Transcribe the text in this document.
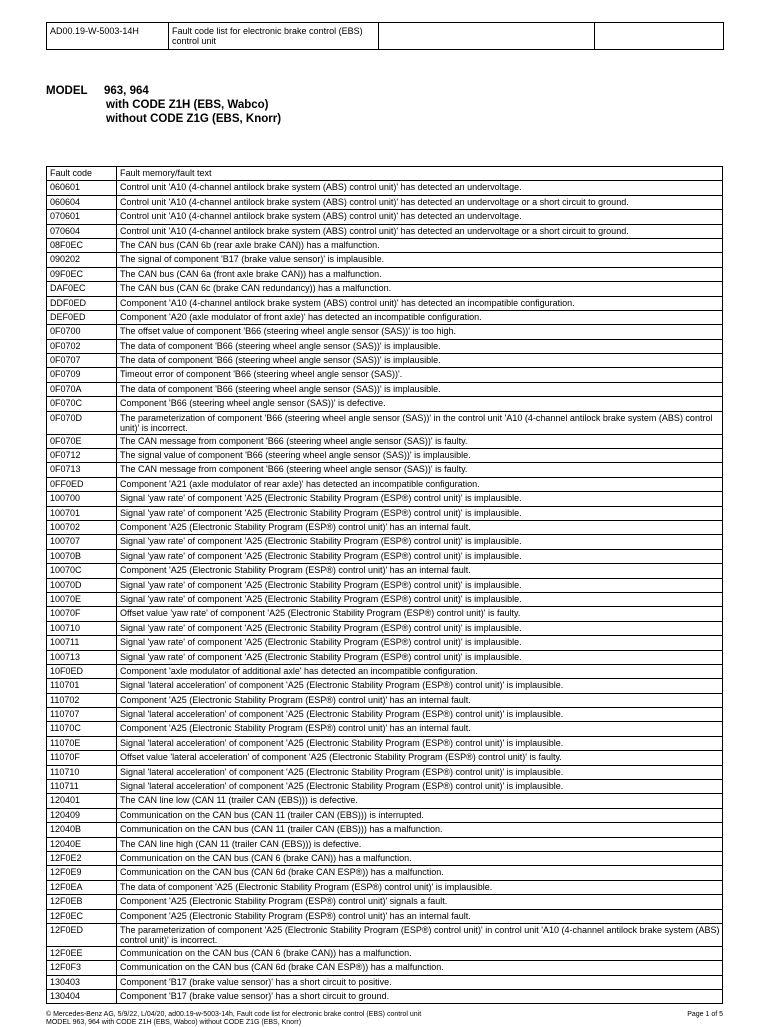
AD00.19-W-5003-14H	Fault code list for electronic brake control (EBS) control unit		
MODEL 963, 964
with CODE Z1H (EBS, Wabco)
without CODE Z1G (EBS, Knorr)
Fault code	Fault memory/fault text
060601	Control unit 'A10 (4-channel antilock brake system (ABS) control unit)' has detected an undervoltage.
060604	Control unit 'A10 (4-channel antilock brake system (ABS) control unit)' has detected an undervoltage or a short circuit to ground.
070601	Control unit 'A10 (4-channel antilock brake system (ABS) control unit)' has detected an undervoltage.
070604	Control unit 'A10 (4-channel antilock brake system (ABS) control unit)' has detected an undervoltage or a short circuit to ground.
08F0EC	The CAN bus (CAN 6b (rear axle brake CAN)) has a malfunction.
090202	The signal of component 'B17 (brake value sensor)' is implausible.
09F0EC	The CAN bus (CAN 6a (front axle brake CAN)) has a malfunction.
DAF0EC	The CAN bus (CAN 6c (brake CAN redundancy)) has a malfunction.
DDF0ED	Component 'A10 (4-channel antilock brake system (ABS) control unit)' has detected an incompatible configuration.
DEF0ED	Component 'A20 (axle modulator of front axle)' has detected an incompatible configuration.
0F0700	The offset value of component 'B66 (steering wheel angle sensor (SAS))' is too high.
0F0702	The data of component 'B66 (steering wheel angle sensor (SAS))' is implausible.
0F0707	The data of component 'B66 (steering wheel angle sensor (SAS))' is implausible.
0F0709	Timeout error of component 'B66 (steering wheel angle sensor (SAS))'.
0F070A	The data of component 'B66 (steering wheel angle sensor (SAS))' is implausible.
0F070C	Component 'B66 (steering wheel angle sensor (SAS))' is defective.
0F070D	The parameterization of component 'B66 (steering wheel angle sensor (SAS))' in the control unit 'A10 (4-channel antilock brake system (ABS) control unit)' is incorrect.
0F070E	The CAN message from component 'B66 (steering wheel angle sensor (SAS))' is faulty.
0F0712	The signal value of component 'B66 (steering wheel angle sensor (SAS))' is implausible.
0F0713	The CAN message from component 'B66 (steering wheel angle sensor (SAS))' is faulty.
0FF0ED	Component 'A21 (axle modulator of rear axle)' has detected an incompatible configuration.
100700	Signal 'yaw rate' of component 'A25 (Electronic Stability Program (ESP®) control unit)' is implausible.
100701	Signal 'yaw rate' of component 'A25 (Electronic Stability Program (ESP®) control unit)' is implausible.
100702	Component 'A25 (Electronic Stability Program (ESP®) control unit)' has an internal fault.
100707	Signal 'yaw rate' of component 'A25 (Electronic Stability Program (ESP®) control unit)' is implausible.
10070B	Signal 'yaw rate' of component 'A25 (Electronic Stability Program (ESP®) control unit)' is implausible.
10070C	Component 'A25 (Electronic Stability Program (ESP®) control unit)' has an internal fault.
10070D	Signal 'yaw rate' of component 'A25 (Electronic Stability Program (ESP®) control unit)' is implausible.
10070E	Signal 'yaw rate' of component 'A25 (Electronic Stability Program (ESP®) control unit)' is implausible.
10070F	Offset value 'yaw rate' of component 'A25 (Electronic Stability Program (ESP®) control unit)' is faulty.
100710	Signal 'yaw rate' of component 'A25 (Electronic Stability Program (ESP®) control unit)' is implausible.
100711	Signal 'yaw rate' of component 'A25 (Electronic Stability Program (ESP®) control unit)' is implausible.
100713	Signal 'yaw rate' of component 'A25 (Electronic Stability Program (ESP®) control unit)' is implausible.
10F0ED	Component 'axle modulator of additional axle' has detected an incompatible configuration.
110701	Signal 'lateral acceleration' of component 'A25 (Electronic Stability Program (ESP®) control unit)' is implausible.
110702	Component 'A25 (Electronic Stability Program (ESP®) control unit)' has an internal fault.
110707	Signal 'lateral acceleration' of component 'A25 (Electronic Stability Program (ESP®) control unit)' is implausible.
11070C	Component 'A25 (Electronic Stability Program (ESP®) control unit)' has an internal fault.
11070E	Signal 'lateral acceleration' of component 'A25 (Electronic Stability Program (ESP®) control unit)' is implausible.
11070F	Offset value 'lateral acceleration' of component 'A25 (Electronic Stability Program (ESP®) control unit)' is faulty.
110710	Signal 'lateral acceleration' of component 'A25 (Electronic Stability Program (ESP®) control unit)' is implausible.
110711	Signal 'lateral acceleration' of component 'A25 (Electronic Stability Program (ESP®) control unit)' is implausible.
120401	The CAN line low (CAN 11 (trailer CAN (EBS))) is defective.
120409	Communication on the CAN bus (CAN 11 (trailer CAN (EBS))) is interrupted.
12040B	Communication on the CAN bus (CAN 11 (trailer CAN (EBS))) has a malfunction.
12040E	The CAN line high (CAN 11 (trailer CAN (EBS))) is defective.
12F0E2	Communication on the CAN bus (CAN 6 (brake CAN)) has a malfunction.
12F0E9	Communication on the CAN bus (CAN 6d (brake CAN ESP®)) has a malfunction.
12F0EA	The data of component 'A25 (Electronic Stability Program (ESP®) control unit)' is implausible.
12F0EB	Component 'A25 (Electronic Stability Program (ESP®) control unit)' signals a fault.
12F0EC	Component 'A25 (Electronic Stability Program (ESP®) control unit)' has an internal fault.
12F0ED	The parameterization of component 'A25 (Electronic Stability Program (ESP®) control unit)' in control unit 'A10 (4-channel antilock brake system (ABS) control unit)' is incorrect.
12F0EE	Communication on the CAN bus (CAN 6 (brake CAN)) has a malfunction.
12F0F3	Communication on the CAN bus (CAN 6d (brake CAN ESP®)) has a malfunction.
130403	Component 'B17 (brake value sensor)' has a short circuit to positive.
130404	Component 'B17 (brake value sensor)' has a short circuit to ground.
© Mercedes-Benz AG, 5/9/22, L/04/20, ad00.19-w-5003-14h, Fault code list for electronic brake control (EBS) control unit
MODEL 963, 964 with CODE Z1H (EBS, Wabco) without CODE Z1G (EBS, Knorr)
Page 1 of 5
